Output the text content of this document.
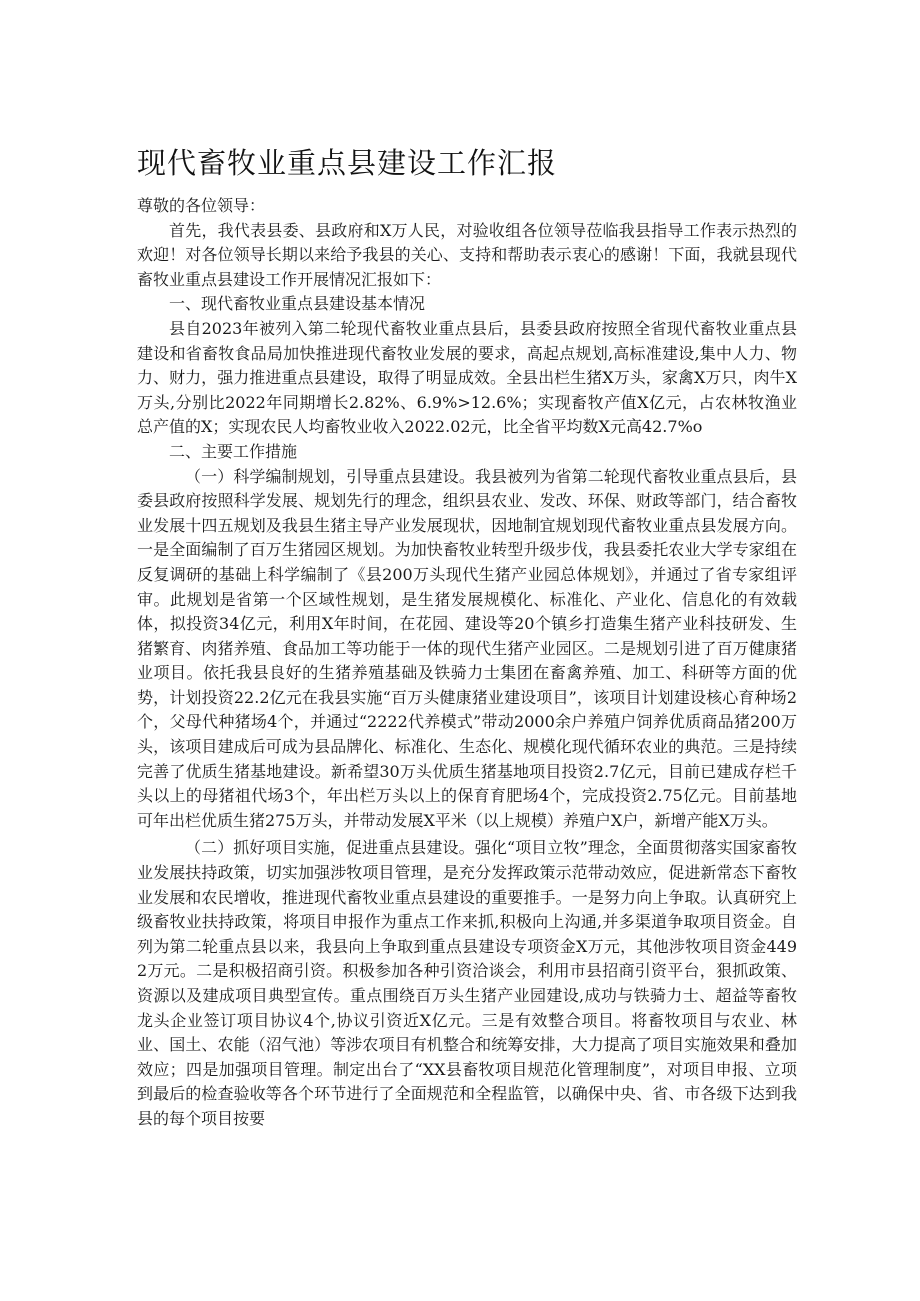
现代畜牧业重点县建设工作汇报

尊敬的各位领导：

首先，我代表县委、县政府和X万人民，对验收组各位领导莅临我县指导工作表示热烈的欢迎！对各位领导长期以来给予我县的关心、支持和帮助表示衷心的感谢！下面，我就县现代畜牧业重点县建设工作开展情况汇报如下：

一、现代畜牧业重点县建设基本情况

县自2023年被列入第二轮现代畜牧业重点县后，县委县政府按照全省现代畜牧业重点县建设和省畜牧食品局加快推进现代畜牧业发展的要求，高起点规划,高标准建设,集中人力、物力、财力，强力推进重点县建设，取得了明显成效。全县出栏生猪X万头，家禽X万只，肉牛X万头,分别比2022年同期增长2.82%、6.9%>12.6%；实现畜牧产值X亿元，占农林牧渔业总产值的X；实现农民人均畜牧业收入2022.02元，比全省平均数X元高42.7%o

二、主要工作措施

（一）科学编制规划，引导重点县建设。我县被列为省第二轮现代畜牧业重点县后，县委县政府按照科学发展、规划先行的理念，组织县农业、发改、环保、财政等部门，结合畜牧业发展十四五规划及我县生猪主导产业发展现状，因地制宜规划现代畜牧业重点县发展方向。一是全面编制了百万生猪园区规划。为加快畜牧业转型升级步伐，我县委托农业大学专家组在反复调研的基础上科学编制了《县200万头现代生猪产业园总体规划》，并通过了省专家组评审。此规划是省第一个区域性规划，是生猪发展规模化、标准化、产业化、信息化的有效载体，拟投资34亿元，利用X年时间，在花园、建设等20个镇乡打造集生猪产业科技研发、生猪繁育、肉猪养殖、食品加工等功能于一体的现代生猪产业园区。二是规划引进了百万健康猪业项目。依托我县良好的生猪养殖基础及铁骑力士集团在畜禽养殖、加工、科研等方面的优势，计划投资22.2亿元在我县实施“百万头健康猪业建设项目”，该项目计划建设核心育种场2个，父母代种猪场4个，并通过“2222代养模式”带动2000余户养殖户饲养优质商品猪200万头，该项目建成后可成为县品牌化、标准化、生态化、规模化现代循环农业的典范。三是持续完善了优质生猪基地建设。新希望30万头优质生猪基地项目投资2.7亿元，目前已建成存栏千头以上的母猪祖代场3个，年出栏万头以上的保育育肥场4个，完成投资2.75亿元。目前基地可年出栏优质生猪275万头，并带动发展X平米（以上规模）养殖户X户，新增产能X万头。

（二）抓好项目实施，促进重点县建设。强化“项目立牧”理念，全面贯彻落实国家畜牧业发展扶持政策，切实加强涉牧项目管理，是充分发挥政策示范带动效应，促进新常态下畜牧业发展和农民增收，推进现代畜牧业重点县建设的重要推手。一是努力向上争取。认真研究上级畜牧业扶持政策，将项目申报作为重点工作来抓,积极向上沟通,并多渠道争取项目资金。自列为第二轮重点县以来，我县向上争取到重点县建设专项资金X万元，其他涉牧项目资金4492万元。二是积极招商引资。积极参加各种引资洽谈会，利用市县招商引资平台，狠抓政策、资源以及建成项目典型宣传。重点围绕百万头生猪产业园建设,成功与铁骑力士、超益等畜牧龙头企业签订项目协议4个,协议引资近X亿元。三是有效整合项目。将畜牧项目与农业、林业、国土、农能（沼气池）等涉农项目有机整合和统筹安排，大力提高了项目实施效果和叠加效应；四是加强项目管理。制定出台了“XX县畜牧项目规范化管理制度”，对项目申报、立项到最后的检查验收等各个环节进行了全面规范和全程监管，以确保中央、省、市各级下达到我县的每个项目按要
